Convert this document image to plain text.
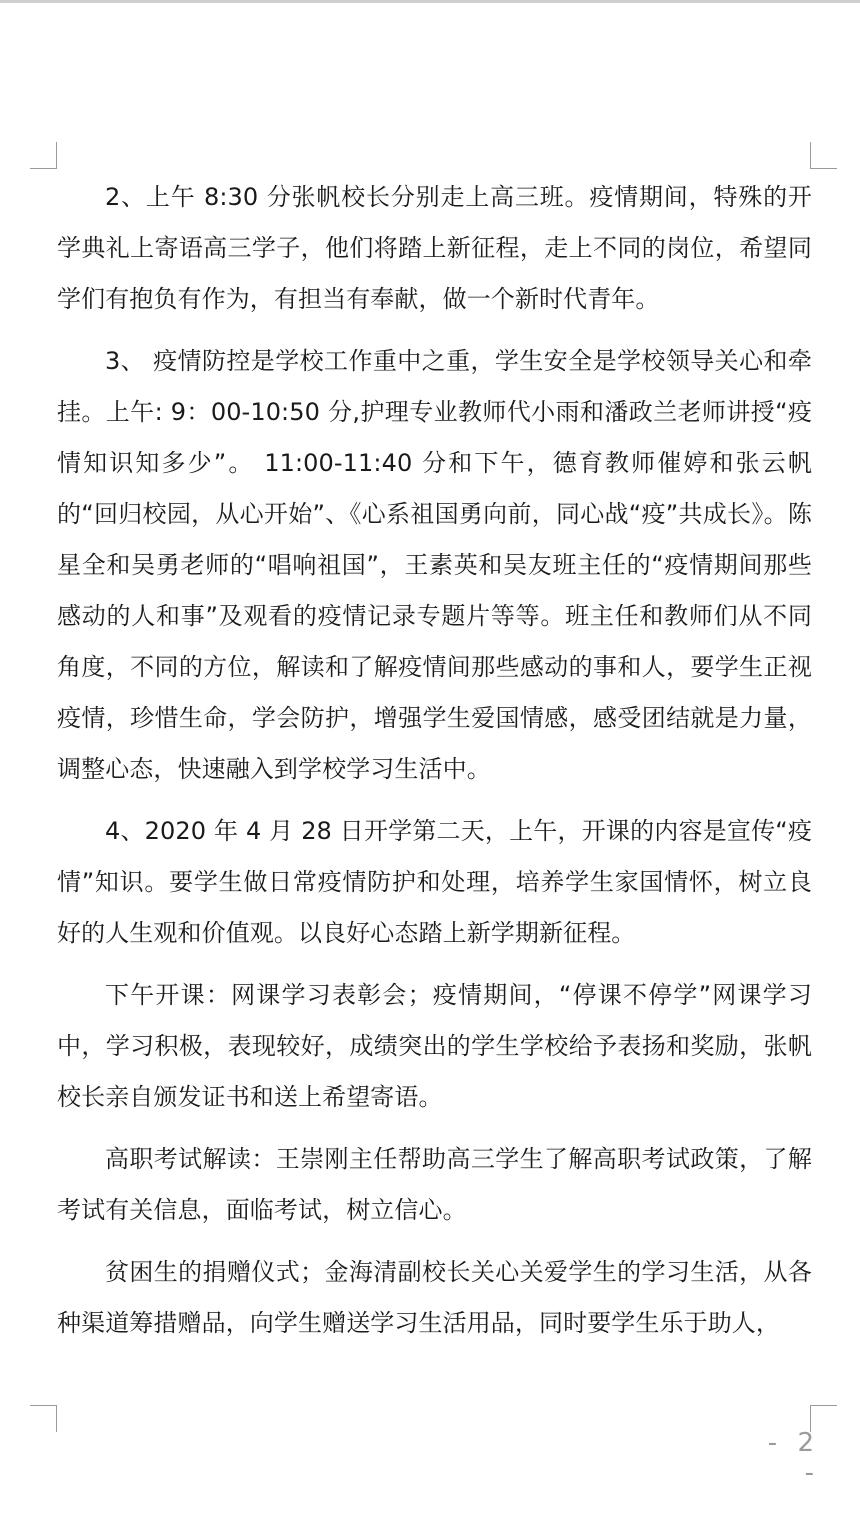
2、上午 8:30 分张帆校长分别走上高三班。疫情期间，特殊的开学典礼上寄语高三学子，他们将踏上新征程，走上不同的岗位，希望同学们有抱负有作为，有担当有奉献，做一个新时代青年。

3、 疫情防控是学校工作重中之重，学生安全是学校领导关心和牵挂。上午: 9：00-10:50 分,护理专业教师代小雨和潘政兰老师讲授“疫情知识知多少”。 11:00-11:40 分和下午，德育教师催婷和张云帆的“回归校园，从心开始”、《心系祖国勇向前，同心战“疫”共成长》。陈星全和吴勇老师的“唱响祖国”，王素英和吴友班主任的“疫情期间那些感动的人和事”及观看的疫情记录专题片等等。班主任和教师们从不同角度，不同的方位，解读和了解疫情间那些感动的事和人，要学生正视疫情，珍惜生命，学会防护，增强学生爱国情感，感受团结就是力量，调整心态，快速融入到学校学习生活中。

4、2020 年 4 月 28 日开学第二天，上午，开课的内容是宣传“疫情”知识。要学生做日常疫情防护和处理，培养学生家国情怀，树立良好的人生观和价值观。以良好心态踏上新学期新征程。

下午开课：网课学习表彰会；疫情期间，“停课不停学”网课学习中，学习积极，表现较好，成绩突出的学生学校给予表扬和奖励，张帆校长亲自颁发证书和送上希望寄语。

高职考试解读：王崇刚主任帮助高三学生了解高职考试政策，了解考试有关信息，面临考试，树立信心。

贫困生的捐赠仪式；金海清副校长关心关爱学生的学习生活，从各种渠道筹措赠品，向学生赠送学习生活用品，同时要学生乐于助人，

- 2 -
